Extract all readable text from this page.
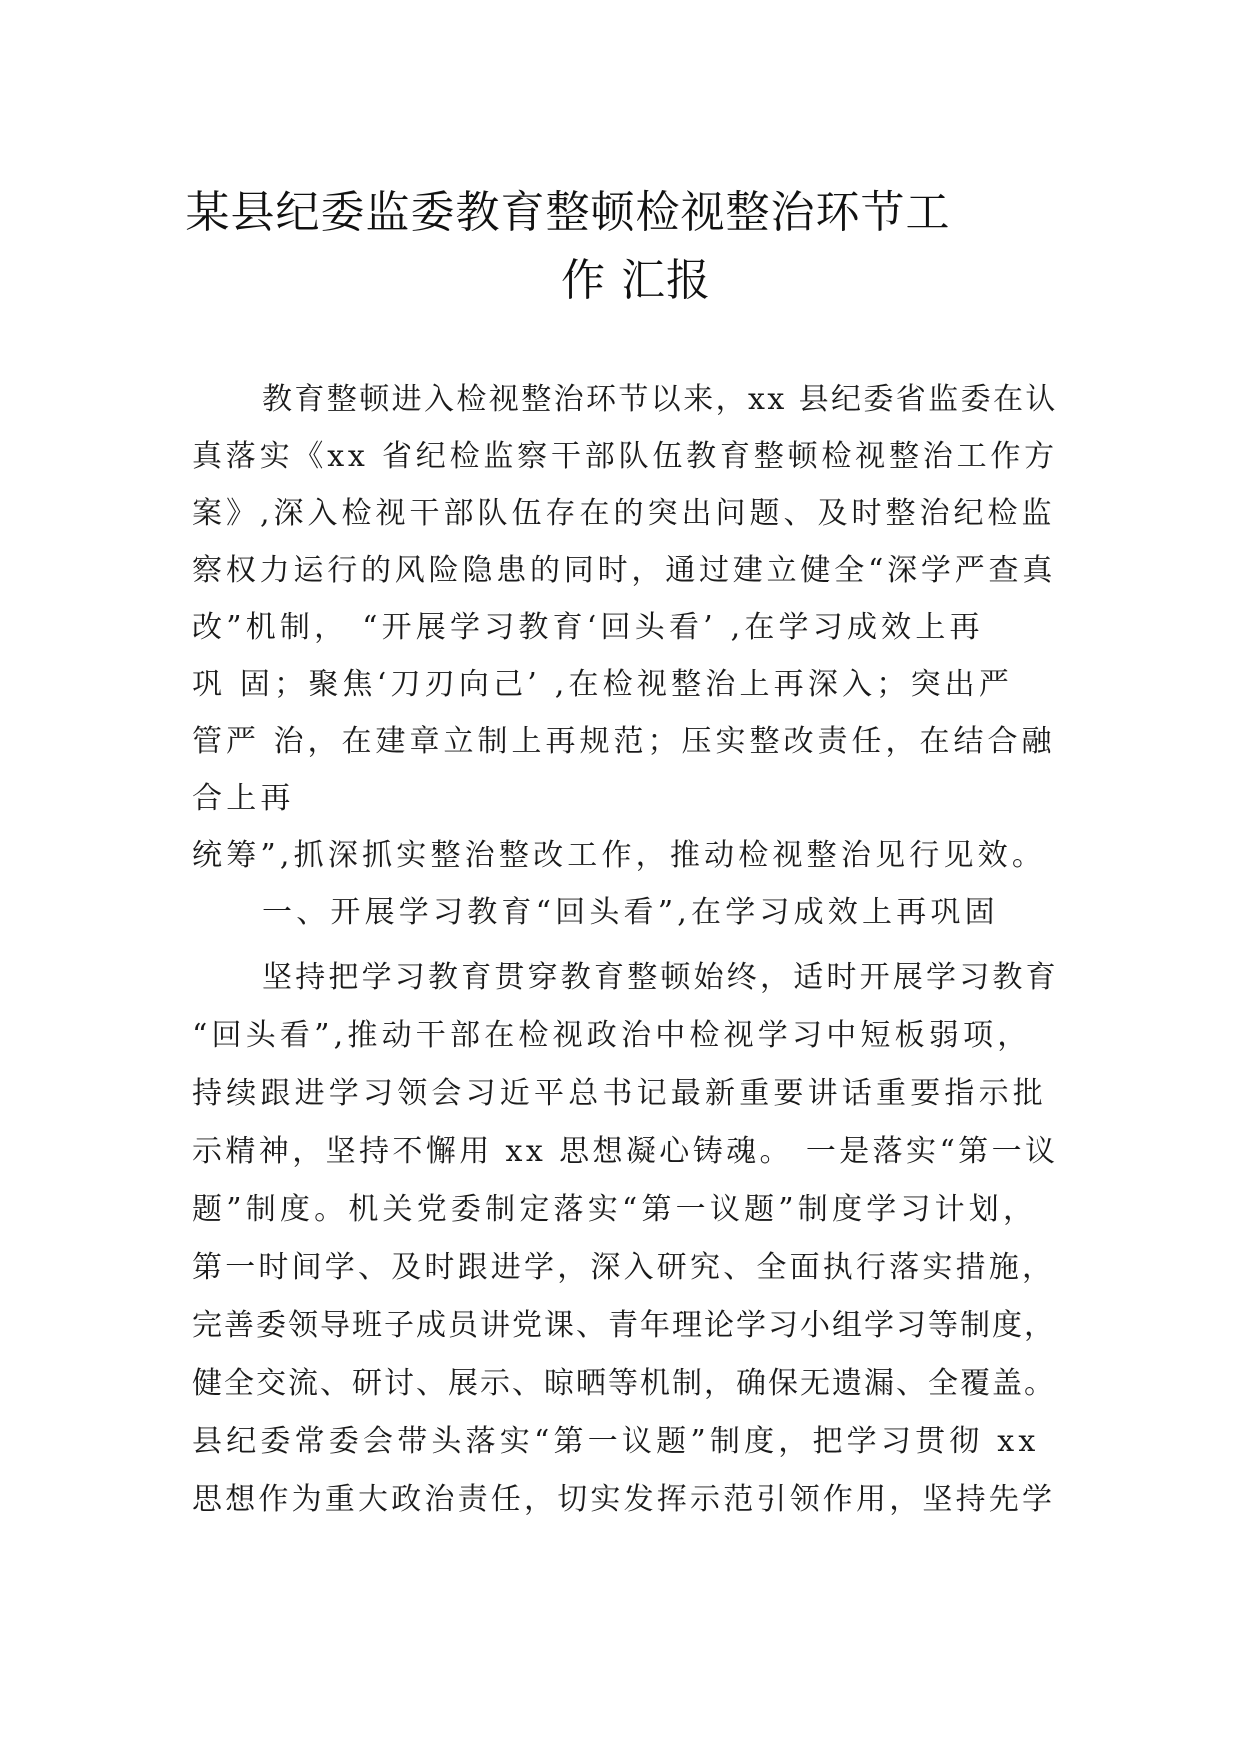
某县纪委监委教育整顿检视整治环节工
作 汇报
教育整顿进入检视整治环节以来，xx 县纪委省监委在认
真落实《xx 省纪检监察干部队伍教育整顿检视整治工作方
案》,深入检视干部队伍存在的突出问题、及时整治纪检监
察权力运行的风险隐患的同时，通过建立健全“深学严查真
改”机制， “开展学习教育‘回头看’ ,在学习成效上再
巩 固；聚焦‘刀刃向己’ ,在检视整治上再深入；突出严
管严 治，在建章立制上再规范；压实整改责任，在结合融
合上再
统筹”,抓深抓实整治整改工作，推动检视整治见行见效。
一、开展学习教育“回头看”,在学习成效上再巩固
坚持把学习教育贯穿教育整顿始终，适时开展学习教育
“回头看”,推动干部在检视政治中检视学习中短板弱项，
持续跟进学习领会习近平总书记最新重要讲话重要指示批
示精神，坚持不懈用 xx 思想凝心铸魂。 一是落实“第一议
题”制度。机关党委制定落实“第一议题”制度学习计划，
第一时间学、及时跟进学，深入研究、全面执行落实措施，
完善委领导班子成员讲党课、青年理论学习小组学习等制度，
健全交流、研讨、展示、晾晒等机制，确保无遗漏、全覆盖。
县纪委常委会带头落实“第一议题”制度，把学习贯彻 xx
思想作为重大政治责任，切实发挥示范引领作用，坚持先学
